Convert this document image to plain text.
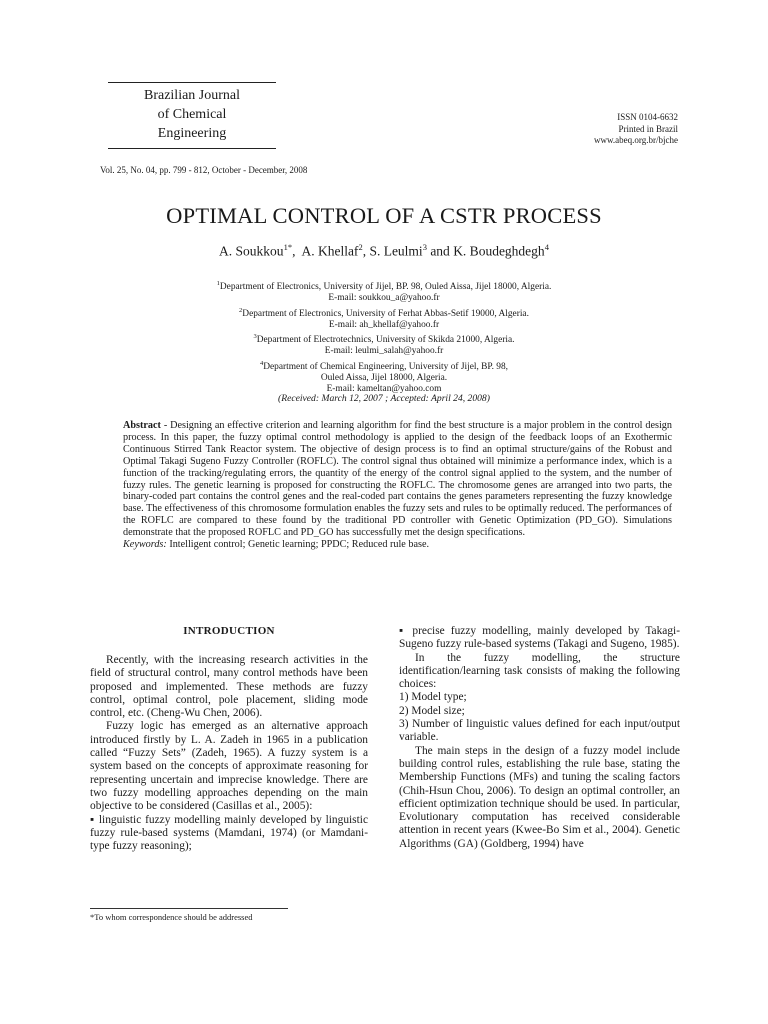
Brazilian Journal
of Chemical
Engineering
ISSN 0104-6632
Printed in Brazil
www.abeq.org.br/bjche
Vol. 25, No. 04, pp. 799 - 812, October - December, 2008
OPTIMAL CONTROL OF A CSTR PROCESS
A. Soukkou$^{1*}$,  A. Khellaf$^2$, S. Leulmi$^3$ and K. Boudeghdegh$^4$
$^1$Department of Electronics, University of Jijel, BP. 98, Ouled Aissa, Jijel 18000, Algeria.
E-mail: soukkou_a@yahoo.fr
$^2$Department of Electronics, University of Ferhat Abbas-Setif 19000, Algeria.
E-mail: ah_khellaf@yahoo.fr
$^3$Department of Electrotechnics, University of Skikda 21000, Algeria.
E-mail: leulmi_salah@yahoo.fr
$^4$Department of Chemical Engineering, University of Jijel, BP. 98,
Ouled Aissa, Jijel 18000, Algeria.
E-mail: kameltan@yahoo.com
(Received: March 12, 2007 ; Accepted: April 24, 2008)
Abstract - Designing an effective criterion and learning algorithm for find the best structure is a major problem in the control design process. In this paper, the fuzzy optimal control methodology is applied to the design of the feedback loops of an Exothermic Continuous Stirred Tank Reactor system. The objective of design process is to find an optimal structure/gains of the Robust and Optimal Takagi Sugeno Fuzzy Controller (ROFLC). The control signal thus obtained will minimize a performance index, which is a function of the tracking/regulating errors, the quantity of the energy of the control signal applied to the system, and the number of fuzzy rules. The genetic learning is proposed for constructing the ROFLC. The chromosome genes are arranged into two parts, the binary-coded part contains the control genes and the real-coded part contains the genes parameters representing the fuzzy knowledge base. The effectiveness of this chromosome formulation enables the fuzzy sets and rules to be optimally reduced. The performances of the ROFLC are compared to these found by the traditional PD controller with Genetic Optimization (PD_GO). Simulations demonstrate that the proposed ROFLC and PD_GO has successfully met the design specifications.
Keywords: Intelligent control; Genetic learning; PPDC; Reduced rule base.
INTRODUCTION

Recently, with the increasing research activities in the field of structural control, many control methods have been proposed and implemented. These methods are fuzzy control, optimal control, pole placement, sliding mode control, etc. (Cheng-Wu Chen, 2006).

Fuzzy logic has emerged as an alternative approach introduced firstly by L. A. Zadeh in 1965 in a publication called “Fuzzy Sets” (Zadeh, 1965). A fuzzy system is a system based on the concepts of approximate reasoning for representing uncertain and imprecise knowledge. There are two fuzzy modelling approaches depending on the main objective to be considered (Casillas et al., 2005):

▪ linguistic fuzzy modelling mainly developed by linguistic fuzzy rule-based systems (Mamdani, 1974) (or Mamdani- type fuzzy reasoning);

▪ precise fuzzy modelling, mainly developed by Takagi-Sugeno fuzzy rule-based systems (Takagi and Sugeno, 1985).

In the fuzzy modelling, the structure identification/learning task consists of making the following choices:

1) Model type;

2) Model size;

3) Number of linguistic values defined for each input/output variable.

The main steps in the design of a fuzzy model include building control rules, establishing the rule base, stating the Membership Functions (MFs) and tuning the scaling factors (Chih-Hsun Chou, 2006). To design an optimal controller, an efficient optimization technique should be used. In particular, Evolutionary computation has received considerable attention in recent years (Kwee-Bo Sim et al., 2004). Genetic Algorithms (GA) (Goldberg, 1994) have

*To whom correspondence should be addressed
